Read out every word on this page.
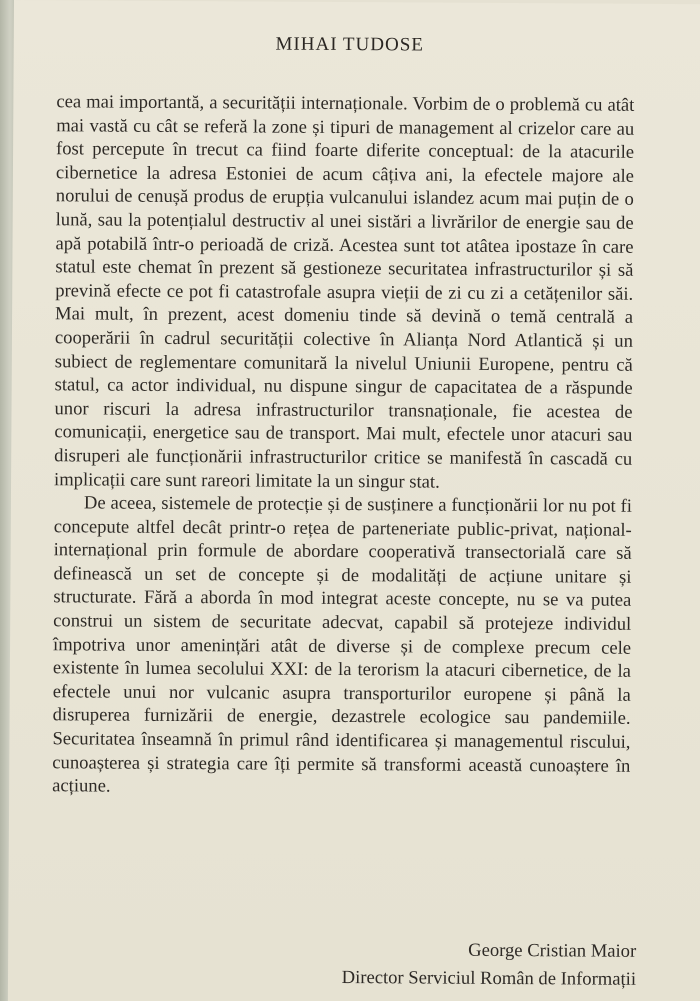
MIHAI TUDOSE

cea mai importantă, a securității internaționale. Vorbim de o problemă cu atât mai vastă cu cât se referă la zone și tipuri de management al crizelor care au fost percepute în trecut ca fiind foarte diferite conceptual: de la atacurile cibernetice la adresa Estoniei de acum câțiva ani, la efectele majore ale norului de cenușă produs de erupția vulcanului islandez acum mai puțin de o lună, sau la potențialul destructiv al unei sistări a livrărilor de energie sau de apă potabilă într-o perioadă de criză. Acestea sunt tot atâtea ipostaze în care statul este chemat în prezent să gestioneze securitatea infrastructurilor și să prevină efecte ce pot fi catastrofale asupra vieții de zi cu zi a cetățenilor săi. Mai mult, în prezent, acest domeniu tinde să devină o temă centrală a cooperării în cadrul securității colective în Alianța Nord Atlantică și un subiect de reglementare comunitară la nivelul Uniunii Europene, pentru că statul, ca actor individual, nu dispune singur de capacitatea de a răspunde unor riscuri la adresa infrastructurilor transnaționale, fie acestea de comunicații, energetice sau de transport. Mai mult, efectele unor atacuri sau disruperi ale funcționării infrastructurilor critice se manifestă în cascadă cu implicații care sunt rareori limitate la un singur stat.

De aceea, sistemele de protecție și de susținere a funcționării lor nu pot fi concepute altfel decât printr-o rețea de parteneriate public-privat, național-internațional prin formule de abordare cooperativă transectorială care să definească un set de concepte și de modalități de acțiune unitare și structurate. Fără a aborda în mod integrat aceste concepte, nu se va putea construi un sistem de securitate adecvat, capabil să protejeze individul împotriva unor amenințări atât de diverse și de complexe precum cele existente în lumea secolului XXI: de la terorism la atacuri cibernetice, de la efectele unui nor vulcanic asupra transporturilor europene și până la disruperea furnizării de energie, dezastrele ecologice sau pandemiile. Securitatea înseamnă în primul rând identificarea și managementul riscului, cunoașterea și strategia care îți permite să transformi această cunoaștere în acțiune.

George Cristian Maior
Director Serviciul Român de Informații
